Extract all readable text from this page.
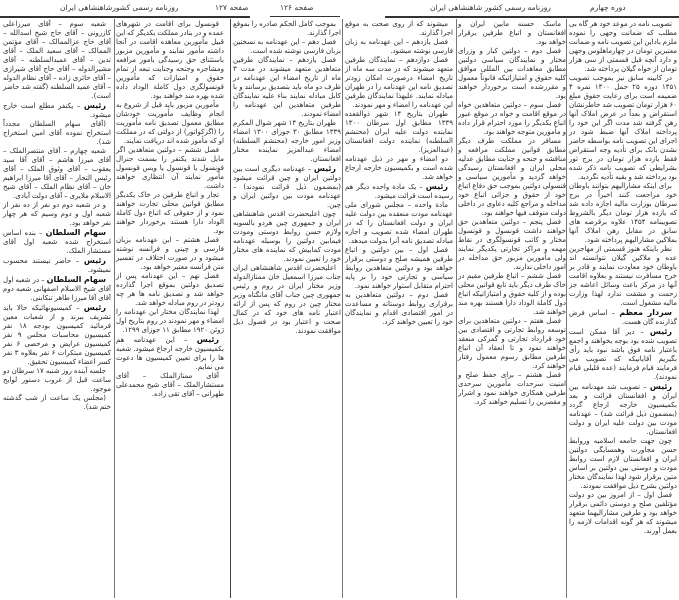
دوره چهارم
روزنامه رسمی کشور شاهنشاهی ایران
صفحه ۱۲۶
روزنامه رسمی کشورشاهنشاهی ایران	صفحه ۱۲۷

تصویب نامه در موعد خود هر گاه بی مطلب که ضمانت وجهی را نموده ملزم باداین این تصویب نامه و ضمانت معتبرین تومان در چهارماهلوس وجهی و دارد آنچه قبل قسمتی از سی هزار تومان از خواه گیلان پرداخته شد.

در کابینه سابق نیز بموجب تصویب ۱۴۵۱ دوره ۲۵ حمل ۱۳۰۰ نمره ۴ ضمیمه است برای رعایت حقوق مبلغ ۶۰ هزار تومان تصویب شد خاطرنشان استقراض و بعداً در عرض املاک آنها رهن گرفته شد مدت اگر این خود را پرداخته املاک آنها ضبط شود در اجرای این تصویب نامه بواسطه حاضر نشدن بانک برای تأدیه وجه استقراض فقط یازده هزار تومان در برج ثور بشرایطی که تصویب نامه ذکر شده بود پرداخته شد و بقیه تأدیه نگردید.

برای اینکه مشارالیهم بتوانند باوطان خود مراجعت کنند اخیراً در برج سرطان بوزارت مالیه اجازه داده شد که یازده هزار تومان دیگر بالشروط تصویبنامه ۱۴۵۴ علاوه برقرضه های سابق در مقابل رهن املاک آنها بملاکین مشارالیهم پرداخته شود.

نظر باینکه هنوز قسمتی از مهاجرین عده و ملاکین گیلان نتوانسته اند باوطان خود معاودت نمایند و قادر بر خرج مسافرت نیستند و بعلاوه اقامت آنها در مرکز باعث وسائل اعاشه جز زحمت و مشقت ندارد لهذا وزارت مالیه مشغول است.

سردار معظم – اساس فرض گذارنده گان هست.

رئیس – دیر آقا ممکن است تصویب شده بود بوجه بخواهند و اجمع باعتبار نامه فوق باشد نبود باید رأی بگیریم آقایانیکه که تصویب می فرمایند قیام فرمایند (عده قلیلی قیام نمودند).

رئیس – تصویب شد مهدنامه بین ایران و افغانستان قرائت و بعد بکمیسیون خارجه ارجاع گردد (بمضمون ذیل قرائت شد) – عهدنامه مودت بین دولت علیه ایران و دولت افغانستان.

چون جهت جامعه اسلامیه وروابط حسن مجاورت وهمسایگی دولتین ایران و افغانستان لازم است روابط مودت و دوستی بین دولتین بر اساس متین برقرار شود لهذا نمایندگان مختار دولتین بشرح ذیل موافقت نمودند.

فصل اول – از امروز بین دو دولت مؤتلفین صلح و دوستی دائمی برقرار خواهد بود و طرفین مشارالیهما متعهد میشوند که هر گونه اقدامات لازمه را بعمل آورند.

ماسک حسنه مابین ایران و افغانستان و اتباع طرفین برقرار خواهد بود.

فصل دوم – دولتین کبار و وزرای مختار و نمایندگان سیاسی دولتین مطابق معاهدات بین المللی موافق کلیه حقوق و امتیازاتیکه قانوناً معمول و مقررشده است برخوردار خواهند بود.

فصل سوم – دولتین متعاهدین خواه در موقع اقامت و خواه در موقع عبور اتباع یکدیگر را مورد احترام قرار داده و مأمورین متوجه خواهند بود.

مسافر در مملکت طرف دیگر مطابق قوانین مملکت مرافعه و مناقشه و جنحه و جنایت مطابق عدلیه محلی ایران و افغانستان رسیدگی خواهد گردید و مأمورین سیاسی و قنسولی دولتین بموجب حق دفاع اتباع خود از حقوق و جزائی اتباع خود مداخله و مراجع کلیه دعاوی در داخلی دولت متوقف فیها خواهند بود.

فصل پنجم – دولتین متعاهدین حق خواهند داشت قونسول و قونسول مختار و کاتب قونسولگری در نقاط مهمه و مراکز تجارتی یکدیگر نمایند ولی مأمورین مزبور حق مداخله در امور داخلی ندارند.

فصل ششم – اتباع طرفین مقیم در خاک طرف دیگر باید تابع قوانین محلی بوده و از کلیه حقوق و امتیازاتیکه اتباع دول کاملة الوداد دارا هستند بهره مند خواهند شد.

فصل هفتم – دولتین متعاهدین برای توسعه روابط تجارتی و اقتصادی بین خود قرارداد تجارتی و گمرکی منعقد خواهند نمود و تا انعقاد آن اتباع طرفین مطابق رسوم معمول رفتار خواهند کرد.

فصل هشتم – برای حفظ صلح و امنیت سرحدات مأمورین سرحدی طرفین همکاری خواهند نمود و اشرار و مقصرین را تسلیم خواهند کرد.

میشوند که از روی صحت به موقع اجرا گذارند.

فصل یازدهم – این عهدنامه به زبان فارسی نوشته میشود.

فصل دوازدهم – نمایندگان طرفین متعهد میشوند که در مدت سه ماه از تاریخ امضاء درصورت امکان زودتر تصدیق نامه این عهدنامه را در طهران مبادله نمایند. علیهذا نمایندگان طرفین این عهدنامه را امضاء و مهر نمودند.

طهران بتاریخ ۱۴ شهر ذوالقعده ۱۳۳۹ مطابق اول سرطان ۱۳۰۰ نماینده دولت علیه ایران (محتشم السلطنه) نماینده دولت افغانستان (عبدالعزیز).

دو امضاء و مهر در ذیل عهدنامه شده است و بکمیسیون خارجه ارجاع خواهد شد.

رئیس – یک مادة واحده دیگر هم رسیده است قرائت میشود.

مادة واحده – مجلس شورای ملی عهدنامه مودت منعقده بین دولت علیه ایران و دولت افغانستان را که در طهران امضاء شده تصویب و اجازه مبادله تصدیق نامه آنرا بدولت میدهد.

فصل اول – بین دولتین و اتباع طرفین همیشه صلح و دوستی برقرار خواهد بود و دولتین متعاهدین روابط سیاسی و تجارتی خود را بر پایه احترام متقابل استوار خواهند نمود.

فصل دوم – دولتین متعاهدین به برقراری روابط دوستانه و مساعدت در امور اقتصادی اقدام و نمایندگان خود را تعیین خواهند کرد.

بموجب کامل الحکم صادره را بموقع اجرا گذارند.

فصل دهم – این عهدنامه به نسختین بزبان فارسی نوشته شده است.

فصل یازدهم – نمایندگان طرفین متعاهدین متعهد میشوند در مدت ۳ ماه از تاریخ امضاء این عهدنامه در ظرف دو ماه باید بتصدیق برسانند و با کابل مبادله نمایند بناء علیه نمایندگان طرفین متعاهدین این عهدنامه را امضاء نمودند.

طهران بتاریخ ۱۴ شهر شوال المکرم ۱۳۳۹ مطابق ۳۰ جوزای ۱۳۰۰ امضاء وزیر امور خارجه (محتشم السلطنه) امضاء عبدالعزیز نماینده مختار افغانستان.

رئیس – عهدنامه دیگری است بین دولتین ایران و چین قرائت میشود (بمضمون ذیل قرائت نمودند) – عهدنامه مودت بین دولتین ایران و چین.

چون اعلیحضرت اقدس شاهنشاهی ایران و جمهوری چین هردو بالسویه ولازم حسن روابط دوستی ومودت فیمابین دولتین را بوسیله عهدنامه مودت کمابیش که نماینده های مختار خود را تعیین نمودند.

اعلیحضرت اقدس شاهنشاهی ایران جناب میرزا اسمعیل خان ممتازالدوله وزیر مختار ایران در روم و رئیس جمهوری چین جناب آقای مانگتاه وزیر مختار چین در روم که پس از ارائه اعتبار نامه های خود که در کمال صحت و اعتبار بود در فصول ذیل موافقت نمودند.

قونسول برای اقامت در شهرهای عمده و در بنادر مملکت یکدیگر که این قبیل مأمورین معاهده اقامت در آنجا داشته مأمور نمایند و مأمورین مزبور باستثنای حق رسیدگی بامور مرافعه ومشاجره وجنحه وجنایت تبعه از تمام حقوق و امتیازات که مأمورین قونسولگری دول کاملة الوداد داده شده بهره مند خواهند بود.

مأمورین مزبور باید قبل از شروع به انجام وظایف مأموریت خودشان مطابق معمول تصدیق نامه مأموریت را (اگزکواتور) از دولتی که در مملکت او که مأمور شده اند دریافت نمایند.

فصل ششم – دولتین متعاهدین اگر مایل شدند یکنفر را بسمت جنرال قونسول یا قونسول یا ویس قونسول مأمور نمایند آن انتظاری خواهند داشت.

تجار و اتباع طرفین در خاک یکدیگر مطابق قوانین محلی تجارت خواهند نمود و از حقوقی که اتباع دول کاملة الوداد دارا هستند برخوردار خواهند بود.

فصل هشتم – این عهدنامه بزبان فارسی و چینی و فرانسه نوشته میشود و در صورت اختلاف در تفسیر متن فرانسه معتبر خواهد بود.

فصل نهم – این عهدنامه پس از تصدیق دولتین بموقع اجرا گذارده خواهد شد و تصدیق نامه ها هر چه زودتر در روم مبادله خواهد شد.

لهذا نمایندگان مختار این عهدنامه را امضاء و مهر نمودند در روم بتاریخ اول ژوئن ۱۹۲۰ مطابق ۱۱ جوزای ۱۲۹۹.

رئیس – این عهدنامه هم بکمیسیون خارجه ارجاع میشود. شعبه ها را برای تعیین کمیسیون ها دعوت می نمایم.

آقای ممتازالملک – آقای مستشارالملک – آقای شیخ محمدعلی طهرانی – آقای تقی زاده.

شعبه سوم – آقای میرزاعلی کازرونی – آقای حاج شیخ اسدالله – آقای حاج عزالممالک – آقای مؤتمن الممالک – آقای سعید الملک – آقای تدین – آقای عمیدالسلطنه – آقای مشیرالدوله – آقای حاج آقای شیرازی – آقای حائری زاده – آقای نظام الدوله – آقای عمید السلطنه (گفته شد حاضر است).

رئیس – یکنفر مطلع است خارج میشود.

(آقای سهام السلطان مجدداً استخراج نموده آقای امین استخراج شد).

شعبه چهارم – آقای منتصرالملک – آقای میرزا هاشم – آقای آقا سید یعقوب – آقای وثوق الملک – آقای رئیس التجار – آقای آقا میرزا ابراهیم خان – آقای نظام الملک – آقای شیخ الاسلام ملایری – آقای دولت آبادی.

و در شعبه دوم دو نفر از ده نفر از شعبه اول و دوم وسیم که هر چهار نفر خواهد بود.

سهام السلطان – بنده اساس استخراج شده شعبه اول آقای مستشار الملک.

رئیس – حاضر نیستند محسوب نمیشود.

سهام السلطان – در شعبه اول آقای شیخ الاسلام اصفهانی شعبه دوم آقای آقا میرزا طاهر تنکابنی.

رئیس – کمیسیونهائیکه حالا باید تشریف ببرند و از شعبات معین فرمائید کمیسیون بودجه ۱۸ نفر کمیسیون محاسبات مجلس ۹ نفر کمیسیون عرایض و مرخصی ۶ نفر کمیسیون مبتکرات ۶ نفر بعلاوه ۳ نفر کسر اعضاء کمیسیون تحقیق.

جلسه آینده روز شنبه ۱۷ سرطان دو ساعت قبل از غروب دستور لوایح موجود.

(مجلس یک ساعت از شب گذشته ختم شد).
